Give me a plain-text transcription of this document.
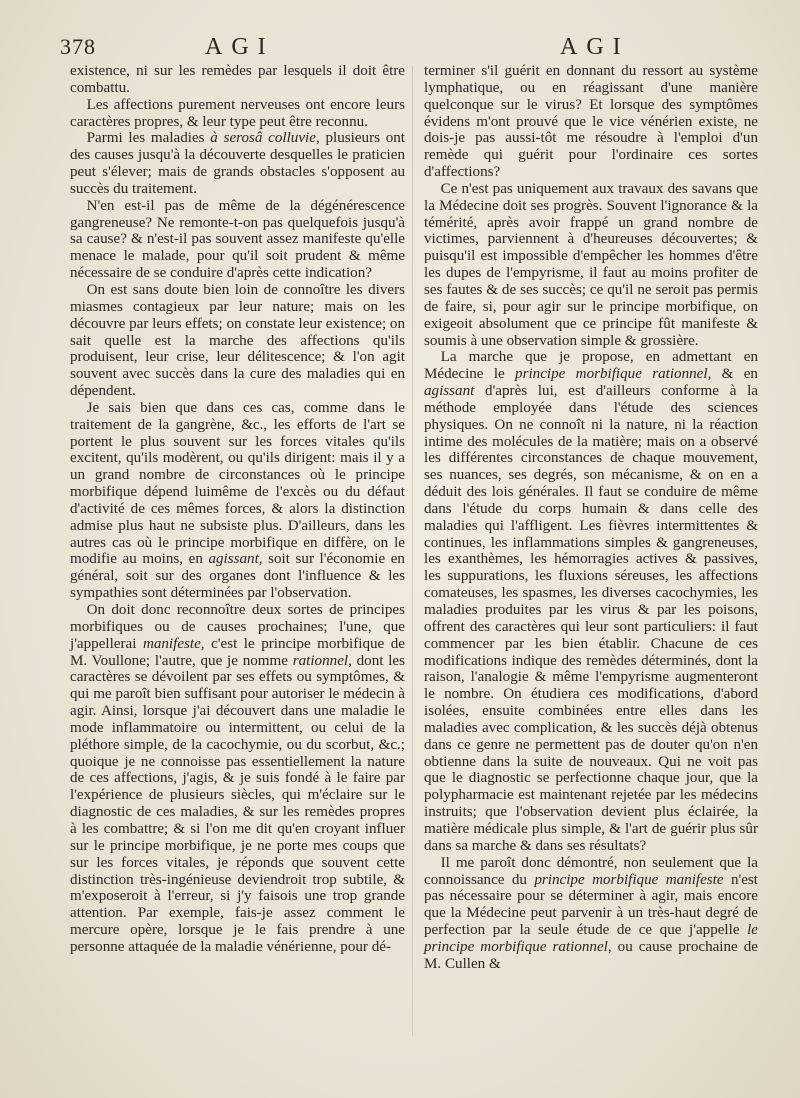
378	AGI	AGI

existence, ni sur les remèdes par lesquels il doit être combattu.

Les affections purement nerveuses ont encore leurs caractères propres, & leur type peut être reconnu.

Parmi les maladies à serosâ colluvie, plusieurs ont des causes jusqu'à la découverte desquelles le praticien peut s'élever; mais de grands obstacles s'opposent au succès du traitement.

N'en est-il pas de même de la dégénérescence gangreneuse? Ne remonte-t-on pas quelquefois jusqu'à sa cause? & n'est-il pas souvent assez manifeste qu'elle menace le malade, pour qu'il soit prudent & même nécessaire de se conduire d'après cette indication?

On est sans doute bien loin de connoître les divers miasmes contagieux par leur nature; mais on les découvre par leurs effets; on constate leur existence; on sait quelle est la marche des affections qu'ils produisent, leur crise, leur délitescence; & l'on agit souvent avec succès dans la cure des maladies qui en dépendent.

Je sais bien que dans ces cas, comme dans le traitement de la gangrène, &c., les efforts de l'art se portent le plus souvent sur les forces vitales qu'ils excitent, qu'ils modèrent, ou qu'ils dirigent: mais il y a un grand nombre de circonstances où le principe morbifique dépend luimême de l'excès ou du défaut d'activité de ces mêmes forces, & alors la distinction admise plus haut ne subsiste plus. D'ailleurs, dans les autres cas où le principe morbifique en diffère, on le modifie au moins, en agissant, soit sur l'économie en général, soit sur des organes dont l'influence & les sympathies sont déterminées par l'observation.

On doit donc reconnoître deux sortes de principes morbifiques ou de causes prochaines; l'une, que j'appellerai manifeste, c'est le principe morbifique de M. Voullone; l'autre, que je nomme rationnel, dont les caractères se dévoilent par ses effets ou symptômes, & qui me paroît bien suffisant pour autoriser le médecin à agir. Ainsi, lorsque j'ai découvert dans une maladie le mode inflammatoire ou intermittent, ou celui de la pléthore simple, de la cacochymie, ou du scorbut, &c.; quoique je ne connoisse pas essentiellement la nature de ces affections, j'agis, & je suis fondé à le faire par l'expérience de plusieurs siècles, qui m'éclaire sur le diagnostic de ces maladies, & sur les remèdes propres à les combattre; & si l'on me dit qu'en croyant influer sur le principe morbifique, je ne porte mes coups que sur les forces vitales, je réponds que souvent cette distinction très-ingénieuse deviendroit trop subtile, & m'exposeroit à l'erreur, si j'y faisois une trop grande attention. Par exemple, fais-je assez comment le mercure opère, lorsque je le fais prendre à une personne attaquée de la maladie vénérienne, pour dé-

terminer s'il guérit en donnant du ressort au système lymphatique, ou en réagissant d'une manière quelconque sur le virus? Et lorsque des symptômes évidens m'ont prouvé que le vice vénérien existe, ne dois-je pas aussi-tôt me résoudre à l'emploi d'un remède qui guérit pour l'ordinaire ces sortes d'affections?

Ce n'est pas uniquement aux travaux des savans que la Médecine doit ses progrès. Souvent l'ignorance & la témérité, après avoir frappé un grand nombre de victimes, parviennent à d'heureuses découvertes; & puisqu'il est impossible d'empêcher les hommes d'être les dupes de l'empyrisme, il faut au moins profiter de ses fautes & de ses succès; ce qu'il ne seroit pas permis de faire, si, pour agir sur le principe morbifique, on exigeoit absolument que ce principe fût manifeste & soumis à une observation simple & grossière.

La marche que je propose, en admettant en Médecine le principe morbifique rationnel, & en agissant d'après lui, est d'ailleurs conforme à la méthode employée dans l'étude des sciences physiques. On ne connoît ni la nature, ni la réaction intime des molécules de la matière; mais on a observé les différentes circonstances de chaque mouvement, ses nuances, ses degrés, son mécanisme, & on en a déduit des lois générales. Il faut se conduire de même dans l'étude du corps humain & dans celle des maladies qui l'affligent. Les fièvres intermittentes & continues, les inflammations simples & gangreneuses, les exanthèmes, les hémorragies actives & passives, les suppurations, les fluxions séreuses, les affections comateuses, les spasmes, les diverses cacochymies, les maladies produites par les virus & par les poisons, offrent des caractères qui leur sont particuliers: il faut commencer par les bien établir. Chacune de ces modifications indique des remèdes déterminés, dont la raison, l'analogie & même l'empyrisme augmenteront le nombre. On étudiera ces modifications, d'abord isolées, ensuite combinées entre elles dans les maladies avec complication, & les succès déjà obtenus dans ce genre ne permettent pas de douter qu'on n'en obtienne dans la suite de nouveaux. Qui ne voit pas que le diagnostic se perfectionne chaque jour, que la polypharmacie est maintenant rejetée par les médecins instruits; que l'observation devient plus éclairée, la matière médicale plus simple, & l'art de guérir plus sûr dans sa marche & dans ses résultats?

Il me paroît donc démontré, non seulement que la connoissance du principe morbifique manifeste n'est pas nécessaire pour se déterminer à agir, mais encore que la Médecine peut parvenir à un très-haut degré de perfection par la seule étude de ce que j'appelle le principe morbifique rationnel, ou cause prochaine de M. Cullen &
